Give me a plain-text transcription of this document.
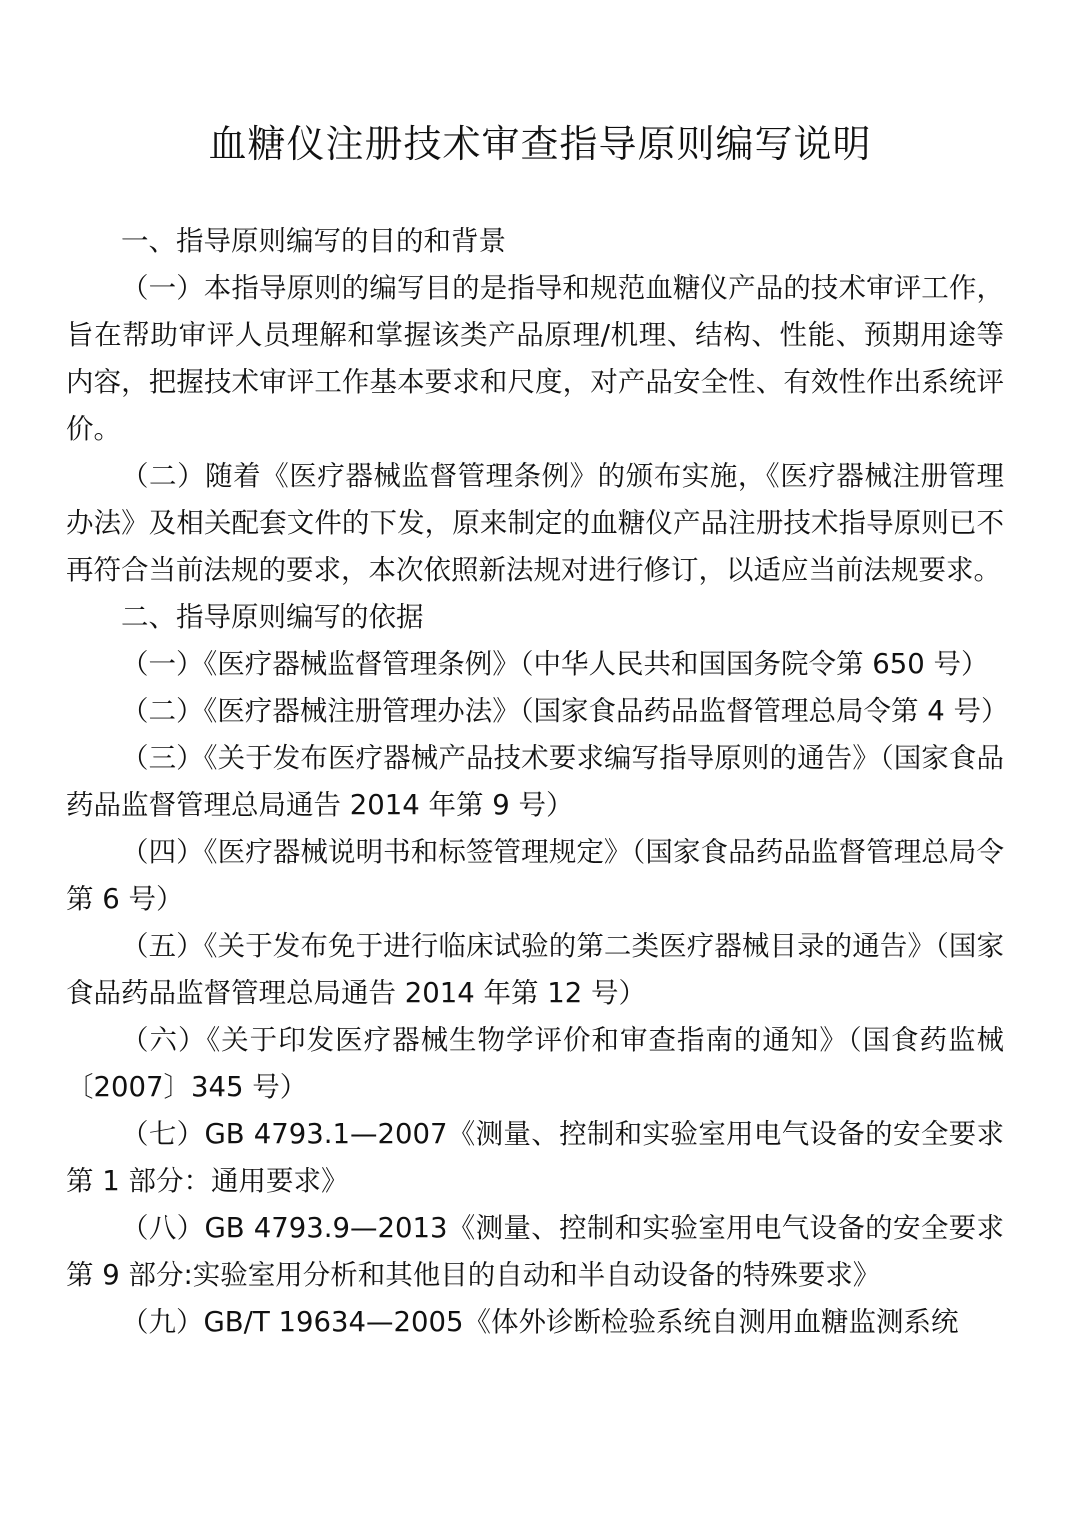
血糖仪注册技术审查指导原则编写说明

一、指导原则编写的目的和背景

（一）本指导原则的编写目的是指导和规范血糖仪产品的技术审评工作，旨在帮助审评人员理解和掌握该类产品原理/机理、结构、性能、预期用途等内容，把握技术审评工作基本要求和尺度，对产品安全性、有效性作出系统评价。

（二）随着《医疗器械监督管理条例》的颁布实施，《医疗器械注册管理办法》及相关配套文件的下发，原来制定的血糖仪产品注册技术指导原则已不再符合当前法规的要求，本次依照新法规对进行修订，以适应当前法规要求。

二、指导原则编写的依据

（一）《医疗器械监督管理条例》（中华人民共和国国务院令第 650 号）

（二）《医疗器械注册管理办法》（国家食品药品监督管理总局令第 4 号）

（三）《关于发布医疗器械产品技术要求编写指导原则的通告》（国家食品药品监督管理总局通告 2014 年第 9 号）

（四）《医疗器械说明书和标签管理规定》（国家食品药品监督管理总局令第 6 号）

（五）《关于发布免于进行临床试验的第二类医疗器械目录的通告》（国家食品药品监督管理总局通告 2014 年第 12 号）

（六）《关于印发医疗器械生物学评价和审查指南的通知》（国食药监械〔2007〕345 号）

（七）GB 4793.1—2007《测量、控制和实验室用电气设备的安全要求 第 1 部分：通用要求》

（八）GB 4793.9—2013《测量、控制和实验室用电气设备的安全要求 第 9 部分:实验室用分析和其他目的自动和半自动设备的特殊要求》

（九）GB/T 19634—2005《体外诊断检验系统自测用血糖监测系统
